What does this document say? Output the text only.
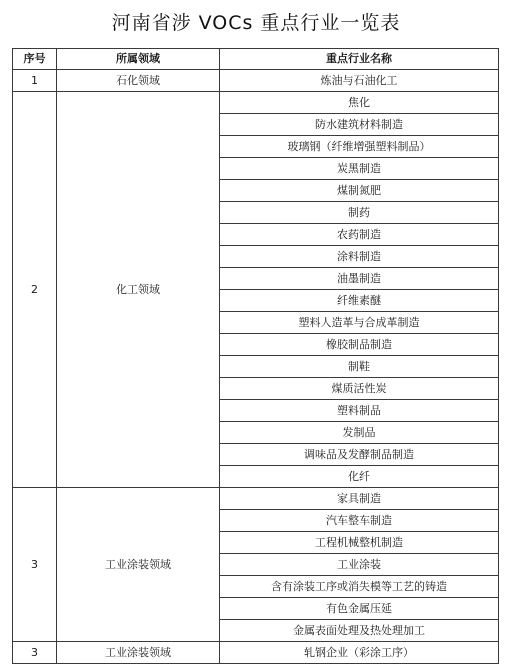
河南省涉 VOCs 重点行业一览表
序号	所属领域	重点行业名称
1	石化领域	炼油与石油化工
2	化工领域	焦化
		防水建筑材料制造
		玻璃钢（纤维增强塑料制品）
		炭黑制造
		煤制氮肥
		制药
		农药制造
		涂料制造
		油墨制造
		纤维素醚
		塑料人造革与合成革制造
		橡胶制品制造
		制鞋
		煤质活性炭
		塑料制品
		发制品
		调味品及发酵制品制造
		化纤
3	工业涂装领域	家具制造
		汽车整车制造
		工程机械整机制造
		工业涂装
		含有涂装工序或消失模等工艺的铸造
		有色金属压延
		金属表面处理及热处理加工
3	工业涂装领域	轧钢企业（彩涂工序）
